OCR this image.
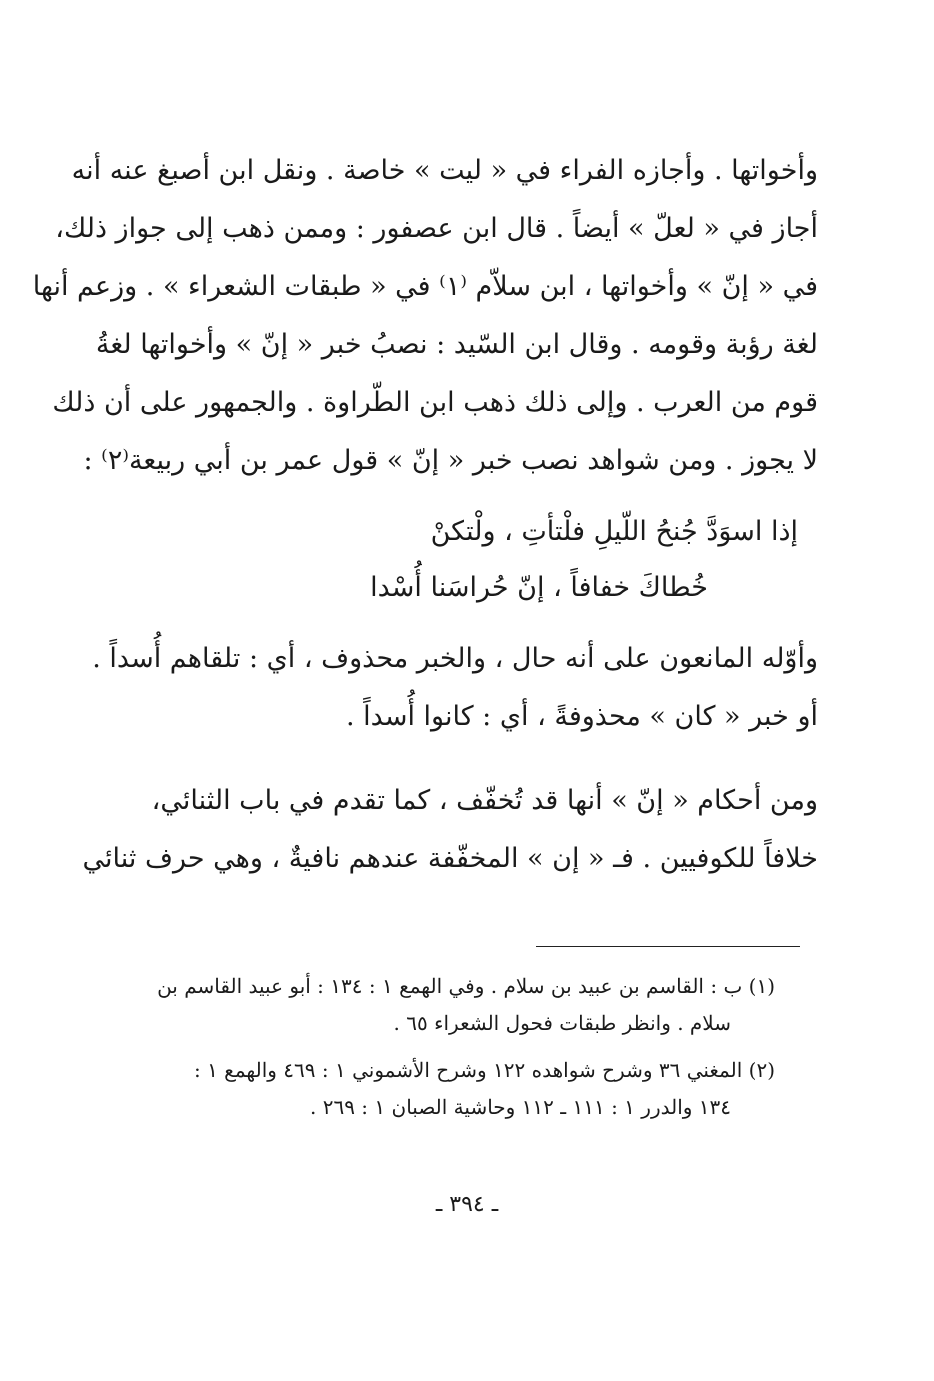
وأخواتها . وأجازه الفراء في « ليت » خاصة . ونقل ابن أصبغ عنه أنه
أجاز في « لعلّ » أيضاً . قال ابن عصفور : وممن ذهب إلى جواز ذلك،
في « إنّ » وأخواتها ، ابن سلاّم ⁽١⁾ في « طبقات الشعراء » . وزعم أنها
لغة رؤبة وقومه . وقال ابن السّيد : نصبُ خبر « إنّ » وأخواتها لغةُ
قوم من العرب . وإلى ذلك ذهب ابن الطّراوة . والجمهور على أن ذلك
لا يجوز . ومن شواهد نصب خبر « إنّ » قول عمر بن أبي ربيعة⁽٢⁾ :

إذا اسوَدَّ جُنحُ اللّيلِ فلْتأتِ ، ولْتكنْ
خُطاكَ خفافاً ، إنّ حُراسَنا أُسْدا

وأوّله المانعون على أنه حال ، والخبر محذوف ، أي : تلقاهم أُسداً .
أو خبر « كان » محذوفةً ، أي : كانوا أُسداً .

ومن أحكام « إنّ » أنها قد تُخفّف ، كما تقدم في باب الثنائي،
خلافاً للكوفيين . فـ « إن » المخفّفة عندهم نافيةٌ ، وهي حرف ثنائي

(١) ب : القاسم بن عبيد بن سلام . وفي الهمع ١ : ١٣٤ : أبو عبيد القاسم بن
سلام . وانظر طبقات فحول الشعراء ٦٥ .

(٢) المغني ٣٦ وشرح شواهده ١٢٢ وشرح الأشموني ١ : ٤٦٩ والهمع ١ :
١٣٤ والدرر ١ : ١١١ ـ ١١٢ وحاشية الصبان ١ : ٢٦٩ .

ـ ٣٩٤ ـ
